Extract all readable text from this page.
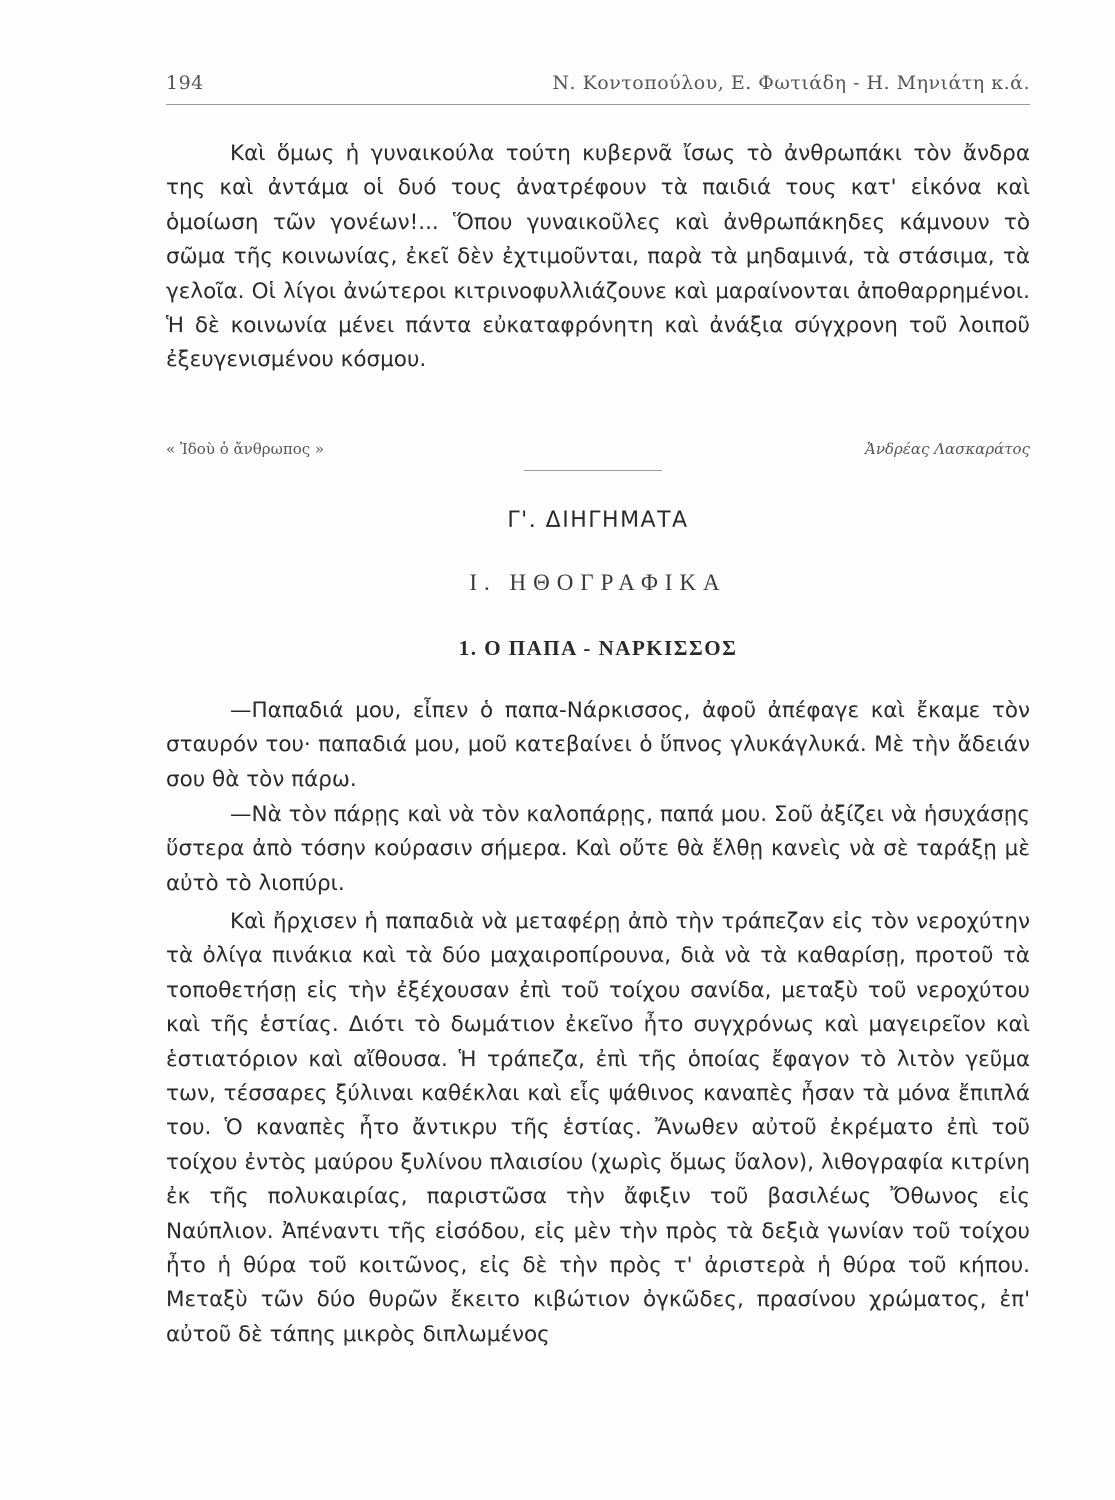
194	Ν. Κοντοπούλου, Ε. Φωτιάδη - Η. Μηνιάτη κ.ά.

Καὶ ὅμως ἡ γυναικούλα τούτη κυβερνᾶ ἴσως τὸ ἀνθρωπάκι τὸν ἄνδρα της καὶ ἀντάμα οἱ δυό τους ἀνατρέφουν τὰ παιδιά τους κατ' εἰκόνα καὶ ὁμοίωση τῶν γονέων!... Ὅπου γυναικοῦλες καὶ ἀνθρωπάκηδες κάμνουν τὸ σῶμα τῆς κοινωνίας, ἐκεῖ δὲν ἐχτιμοῦνται, παρὰ τὰ μηδαμινά, τὰ στάσιμα, τὰ γελοῖα. Οἱ λίγοι ἀνώτεροι κιτρινοφυλλιάζουνε καὶ μαραίνονται ἀποθαρρημένοι. Ἡ δὲ κοινωνία μένει πάντα εὐκαταφρόνητη καὶ ἀνάξια σύγχρονη τοῦ λοιποῦ ἐξευγενισμένου κόσμου.

« Ἰδοὺ ὁ ἄνθρωπος »	Ἀνδρέας Λασκαράτος
Γ'. ΔΙΗΓΗΜΑΤΑ
Ι. ΗΘΟΓΡΑΦΙΚΑ
1. Ο ΠΑΠΑ - ΝΑΡΚΙΣΣΟΣ

—Παπαδιά μου, εἶπεν ὁ παπα-Νάρκισσος, ἀφοῦ ἀπέφαγε καὶ ἔκαμε τὸν σταυρόν του· παπαδιά μου, μοῦ κατεβαίνει ὁ ὕπνος γλυκάγλυκά. Μὲ τὴν ἄδειάν σου θὰ τὸν πάρω.

—Νὰ τὸν πάρῃς καὶ νὰ τὸν καλοπάρῃς, παπά μου. Σοῦ ἀξίζει νὰ ἡσυχάσῃς ὕστερα ἀπὸ τόσην κούρασιν σήμερα. Καὶ οὔτε θὰ ἔλθῃ κανεὶς νὰ σὲ ταράξῃ μὲ αὐτὸ τὸ λιοπύρι.

Καὶ ἤρχισεν ἡ παπαδιὰ νὰ μεταφέρῃ ἀπὸ τὴν τράπεζαν εἰς τὸν νεροχύτην τὰ ὀλίγα πινάκια καὶ τὰ δύο μαχαιροπίρουνα, διὰ νὰ τὰ καθαρίσῃ, προτοῦ τὰ τοποθετήσῃ εἰς τὴν ἐξέχουσαν ἐπὶ τοῦ τοίχου σανίδα, μεταξὺ τοῦ νεροχύτου καὶ τῆς ἑστίας. Διότι τὸ δωμάτιον ἐκεῖνο ἦτο συγχρόνως καὶ μαγειρεῖον καὶ ἑστιατόριον καὶ αἴθουσα. Ἡ τράπεζα, ἐπὶ τῆς ὁποίας ἔφαγον τὸ λιτὸν γεῦμα των, τέσσαρες ξύλιναι καθέκλαι καὶ εἷς ψάθινος καναπὲς ἦσαν τὰ μόνα ἔπιπλά του. Ὁ καναπὲς ἦτο ἄντικρυ τῆς ἑστίας. Ἄνωθεν αὐτοῦ ἐκρέματο ἐπὶ τοῦ τοίχου ἐντὸς μαύρου ξυλίνου πλαισίου (χωρὶς ὅμως ὕαλον), λιθογραφία κιτρίνη ἐκ τῆς πολυκαιρίας, παριστῶσα τὴν ἄφιξιν τοῦ βασιλέως Ὄθωνος εἰς Ναύπλιον. Ἀπέναντι τῆς εἰσόδου, εἰς μὲν τὴν πρὸς τὰ δεξιὰ γωνίαν τοῦ τοίχου ἦτο ἡ θύρα τοῦ κοιτῶνος, εἰς δὲ τὴν πρὸς τ' ἀριστερὰ ἡ θύρα τοῦ κήπου. Μεταξὺ τῶν δύο θυρῶν ἔκειτο κιβώτιον ὀγκῶδες, πρασίνου χρώματος, ἐπ' αὐτοῦ δὲ τάπης μικρὸς διπλωμένος
